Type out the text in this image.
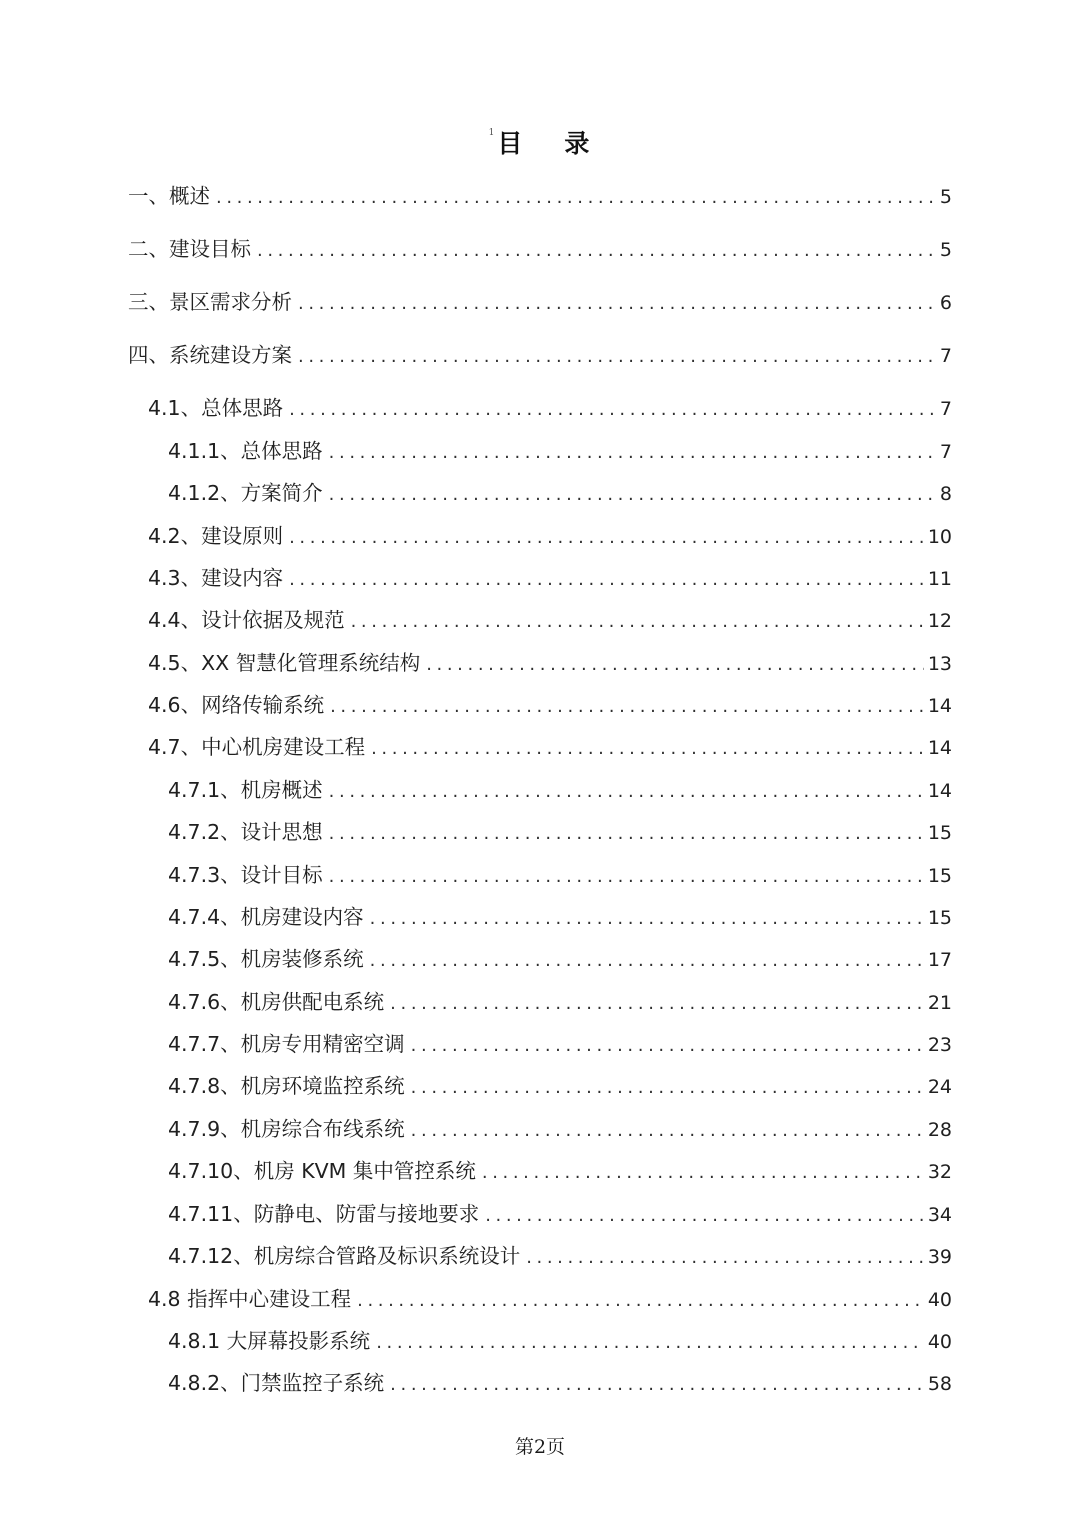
$^1$目 录
一、概述 .....	5
二、建设目标 .....	5
三、景区需求分析 .....	6
四、系统建设方案 .....	7
4.1、总体思路 .....	7
4.1.1、总体思路 .....	7
4.1.2、方案简介 .....	8
4.2、建设原则 .....	10
4.3、建设内容 .....	11
4.4、设计依据及规范 .....	12
4.5、XX 智慧化管理系统结构 .....	13
4.6、网络传输系统 .....	14
4.7、中心机房建设工程 .....	14
4.7.1、机房概述 .....	14
4.7.2、设计思想 .....	15
4.7.3、设计目标 .....	15
4.7.4、机房建设内容 .....	15
4.7.5、机房装修系统 .....	17
4.7.6、机房供配电系统 .....	21
4.7.7、机房专用精密空调 .....	23
4.7.8、机房环境监控系统 .....	24
4.7.9、机房综合布线系统 .....	28
4.7.10、机房 KVM 集中管控系统 .....	32
4.7.11、防静电、防雷与接地要求 .....	34
4.7.12、机房综合管路及标识系统设计 .....	39
4.8 指挥中心建设工程 .....	40
4.8.1 大屏幕投影系统 .....	40
4.8.2、门禁监控子系统 .....	58
第2页
